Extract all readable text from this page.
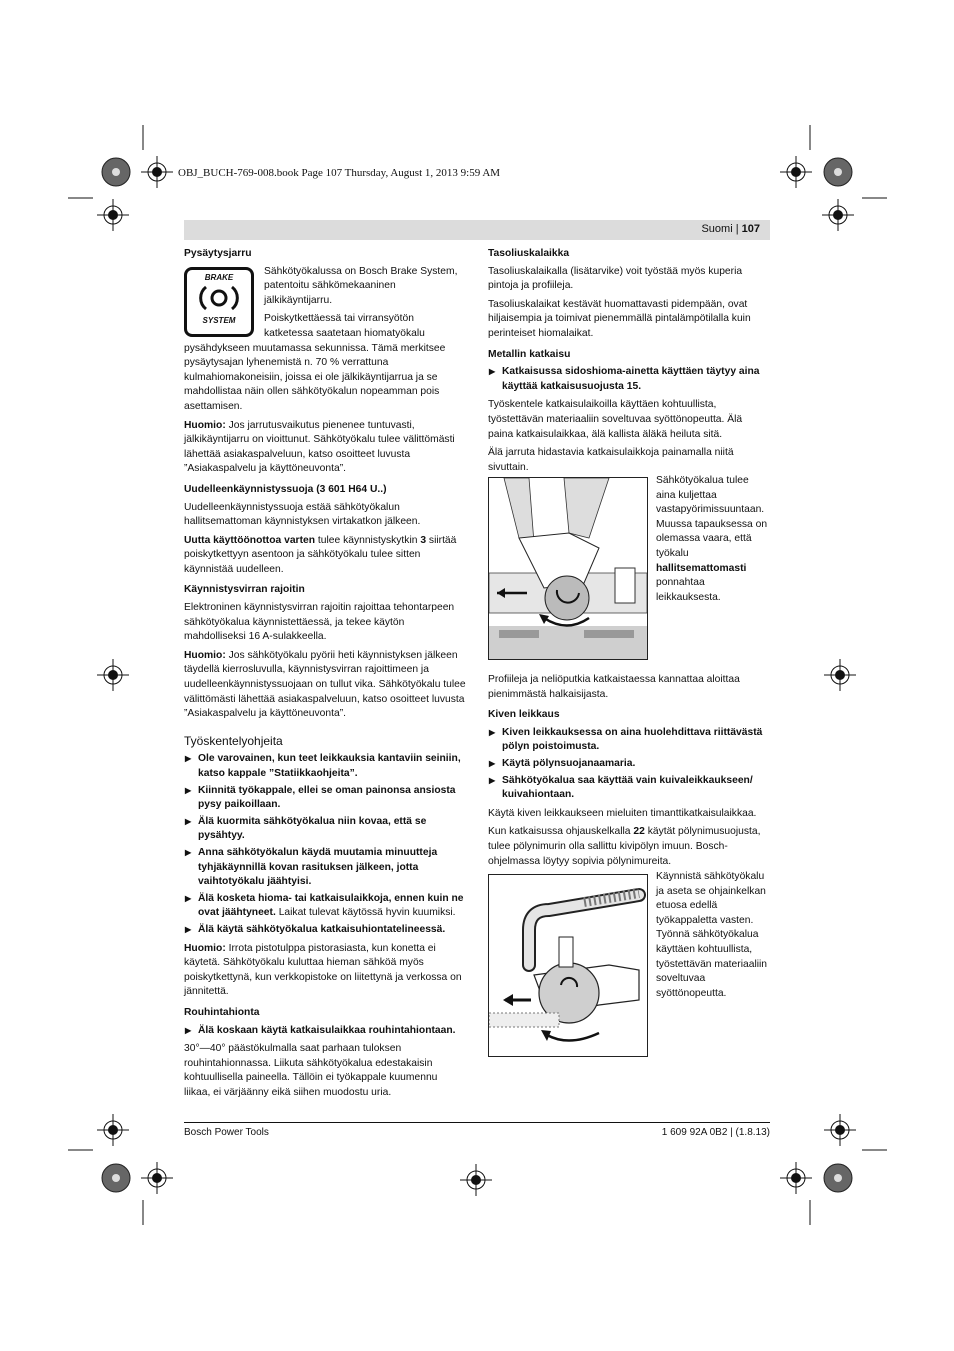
OBJ_BUCH-769-008.book Page 107 Thursday, August 1, 2013 9:59 AM
Suomi | 107
Pysäytysjarru
BRAKE
SYSTEM

Sähkötyökalussa on Bosch Brake System, patentoitu sähkömekaaninen jälkikäyntijarru.

Poiskytkettäessä tai virransyötön katketessa saatetaan hiomatyökalu pysähdykseen muutamassa sekunnissa. Tämä merkitsee pysäytysajan lyhenemistä n. 70 % verrattuna kulmahiomakoneisiin, joissa ei ole jälkikäyntijarrua ja se mahdollistaa näin ollen sähkötyökalun nopeamman pois asettamisen.

Huomio: Jos jarrutusvaikutus pienenee tuntuvasti, jälkikäyntijarru on vioittunut. Sähkötyökalu tulee välittömästi lähettää asiakaspalveluun, katso osoitteet luvusta ”Asiakaspalvelu ja käyttöneuvonta”.

Uudelleenkäynnistyssuoja (3 601 H64 U..)

Uudelleenkäynnistyssuoja estää sähkötyökalun hallitsemattoman käynnistyksen virtakatkon jälkeen.

Uutta käyttöönottoa varten tulee käynnistyskytkin 3 siirtää poiskytkettyyn asentoon ja sähkötyökalu tulee sitten käynnistää uudelleen.

Käynnistysvirran rajoitin

Elektroninen käynnistysvirran rajoitin rajoittaa tehontarpeen sähkötyökalua käynnistettäessä, ja tekee käytön mahdolliseksi 16 A-sulakkeella.

Huomio: Jos sähkötyökalu pyörii heti käynnistyksen jälkeen täydellä kierrosluvulla, käynnistysvirran rajoittimeen ja uudelleenkäynnistyssuojaan on tullut vika. Sähkötyökalu tulee välittömästi lähettää asiakaspalveluun, katso osoitteet luvusta ”Asiakaspalvelu ja käyttöneuvonta”.

Työskentelyohjeita
▶ Ole varovainen, kun teet leikkauksia kantaviin seiniin, katso kappale ”Statiikkaohjeita”.
▶ Kiinnitä työkappale, ellei se oman painonsa ansiosta pysy paikoillaan.
▶ Älä kuormita sähkötyökalua niin kovaa, että se pysähtyy.
▶ Anna sähkötyökalun käydä muutamia minuutteja tyhjäkäynnillä kovan rasituksen jälkeen, jotta vaihtotyökalu jäähtyisi.
▶ Älä kosketa hioma- tai katkaisulaikkoja, ennen kuin ne ovat jäähtyneet. Laikat tulevat käytössä hyvin kuumiksi.
▶ Älä käytä sähkötyökalua katkaisuhiontatelineessä.

Huomio: Irrota pistotulppa pistorasiasta, kun konetta ei käytetä. Sähkötyökalu kuluttaa hieman sähköä myös poiskytkettynä, kun verkkopistoke on liitettynä ja verkossa on jännitettä.

Rouhintahionta
▶ Älä koskaan käytä katkaisulaikkaa rouhintahiontaan.

30°—40° päästökulmalla saat parhaan tuloksen rouhintahionnassa. Liikuta sähkötyökalua edestakaisin kohtuullisella paineella. Tällöin ei työkappale kuumennu liikaa, ei värjäänny eikä siihen muodostu uria.

Tasoliuskalaikka

Tasoliuskalaikalla (lisätarvike) voit työstää myös kuperia pintoja ja profiileja.

Tasoliuskalaikat kestävät huomattavasti pidempään, ovat hiljaisempia ja toimivat pienemmällä pintalämpötilalla kuin perinteiset hiomalaikat.

Metallin katkaisu
▶ Katkaisussa sidoshioma-ainetta käyttäen täytyy aina käyttää katkaisusuojusta 15.

Työskentele katkaisulaikoilla käyttäen kohtuullista, työstettävän materiaaliin soveltuvaa syöttönopeutta. Älä paina katkaisulaikkaa, älä kallista äläkä heiluta sitä.

Älä jarruta hidastavia katkaisulaikkoja painamalla niitä sivuttain.

Sähkötyökalua tulee aina kuljettaa vastapyörimissuuntaan. Muussa tapauksessa on olemassa vaara, että työkalu hallitsemattomasti ponnahtaa leikkauksesta.

Profiileja ja neliöputkia katkaistaessa kannattaa aloittaa pienimmästä halkaisijasta.

Kiven leikkaus
▶ Kiven leikkauksessa on aina huolehdittava riittävästä pölyn poistoimusta.
▶ Käytä pölynsuojanaamaria.
▶ Sähkötyökalua saa käyttää vain kuivaleikkaukseen/ kuivahiontaan.

Käytä kiven leikkaukseen mieluiten timanttikatkaisulaikkaa.

Kun katkaisussa ohjauskelkalla 22 käytät pölynimusuojusta, tulee pölynimurin olla sallittu kivipölyn imuun. Bosch-ohjelmassa löytyy sopivia pölynimureita.

Käynnistä sähkötyökalu ja aseta se ohjainkelkan etuosa edellä työkappaletta vasten. Työnnä sähkötyökalua käyttäen kohtuullista, työstettävän materiaaliin soveltuvaa syöttönopeutta.

Bosch Power Tools	1 609 92A 0B2 | (1.8.13)
